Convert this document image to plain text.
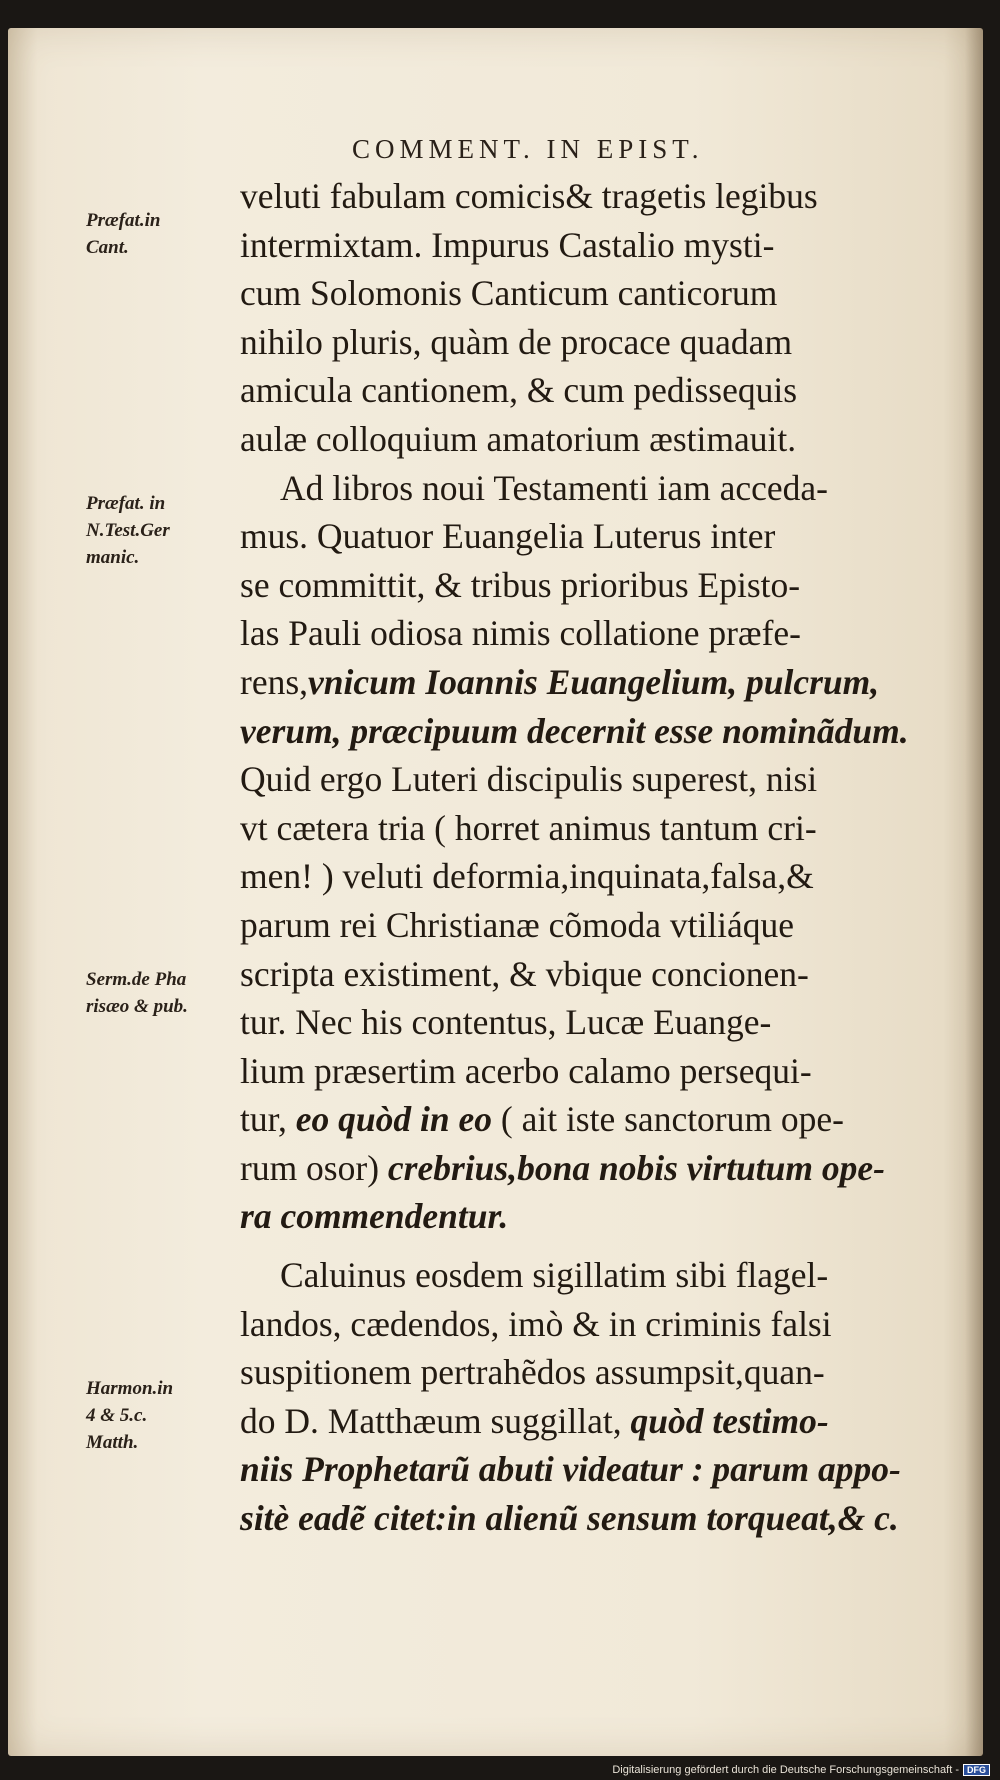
COMMENT. IN EPIST.
Præfat.in
Cant.
Præfat. in
N.Test.Ger
manic.
Serm.de Pha
risæo & pub.
Harmon.in
4 & 5.c.
Matth.
veluti fabulam comicis& tragetis legibus
intermixtam. Impurus Castalio mysti-
cum Solomonis Canticum canticorum
nihilo pluris, quàm de procace quadam
amicula cantionem, & cum pedissequis
aulæ colloquium amatorium æstimauit.
Ad libros noui Testamenti iam acceda-
mus. Quatuor Euangelia Luterus inter
se committit, & tribus prioribus Episto-
las Pauli odiosa nimis collatione præfe-
rens,vnicum Ioannis Euangelium, pulcrum,
verum, præcipuum decernit esse nominãdum.
Quid ergo Luteri discipulis superest, nisi
vt cætera tria ( horret animus tantum cri-
men! ) veluti deformia,inquinata,falsa,&
parum rei Christianæ cõmoda vtiliáque
scripta existiment, & vbique concionen-
tur. Nec his contentus, Lucæ Euange-
lium præsertim acerbo calamo persequi-
tur, eo quòd in eo ( ait iste sanctorum ope-
rum osor) crebrius,bona nobis virtutum ope-
ra commendentur.
Caluinus eosdem sigillatim sibi flagel-
landos, cædendos, imò & in criminis falsi
suspitionem pertrahẽdos assumpsit,quan-
do D. Matthæum suggillat, quòd testimo-
niis Prophetarũ abuti videatur : parum appo-
sitè eadẽ citet:in alienũ sensum torqueat,& c.
Digitalisierung gefördert durch die Deutsche Forschungsgemeinschaft - DFG
